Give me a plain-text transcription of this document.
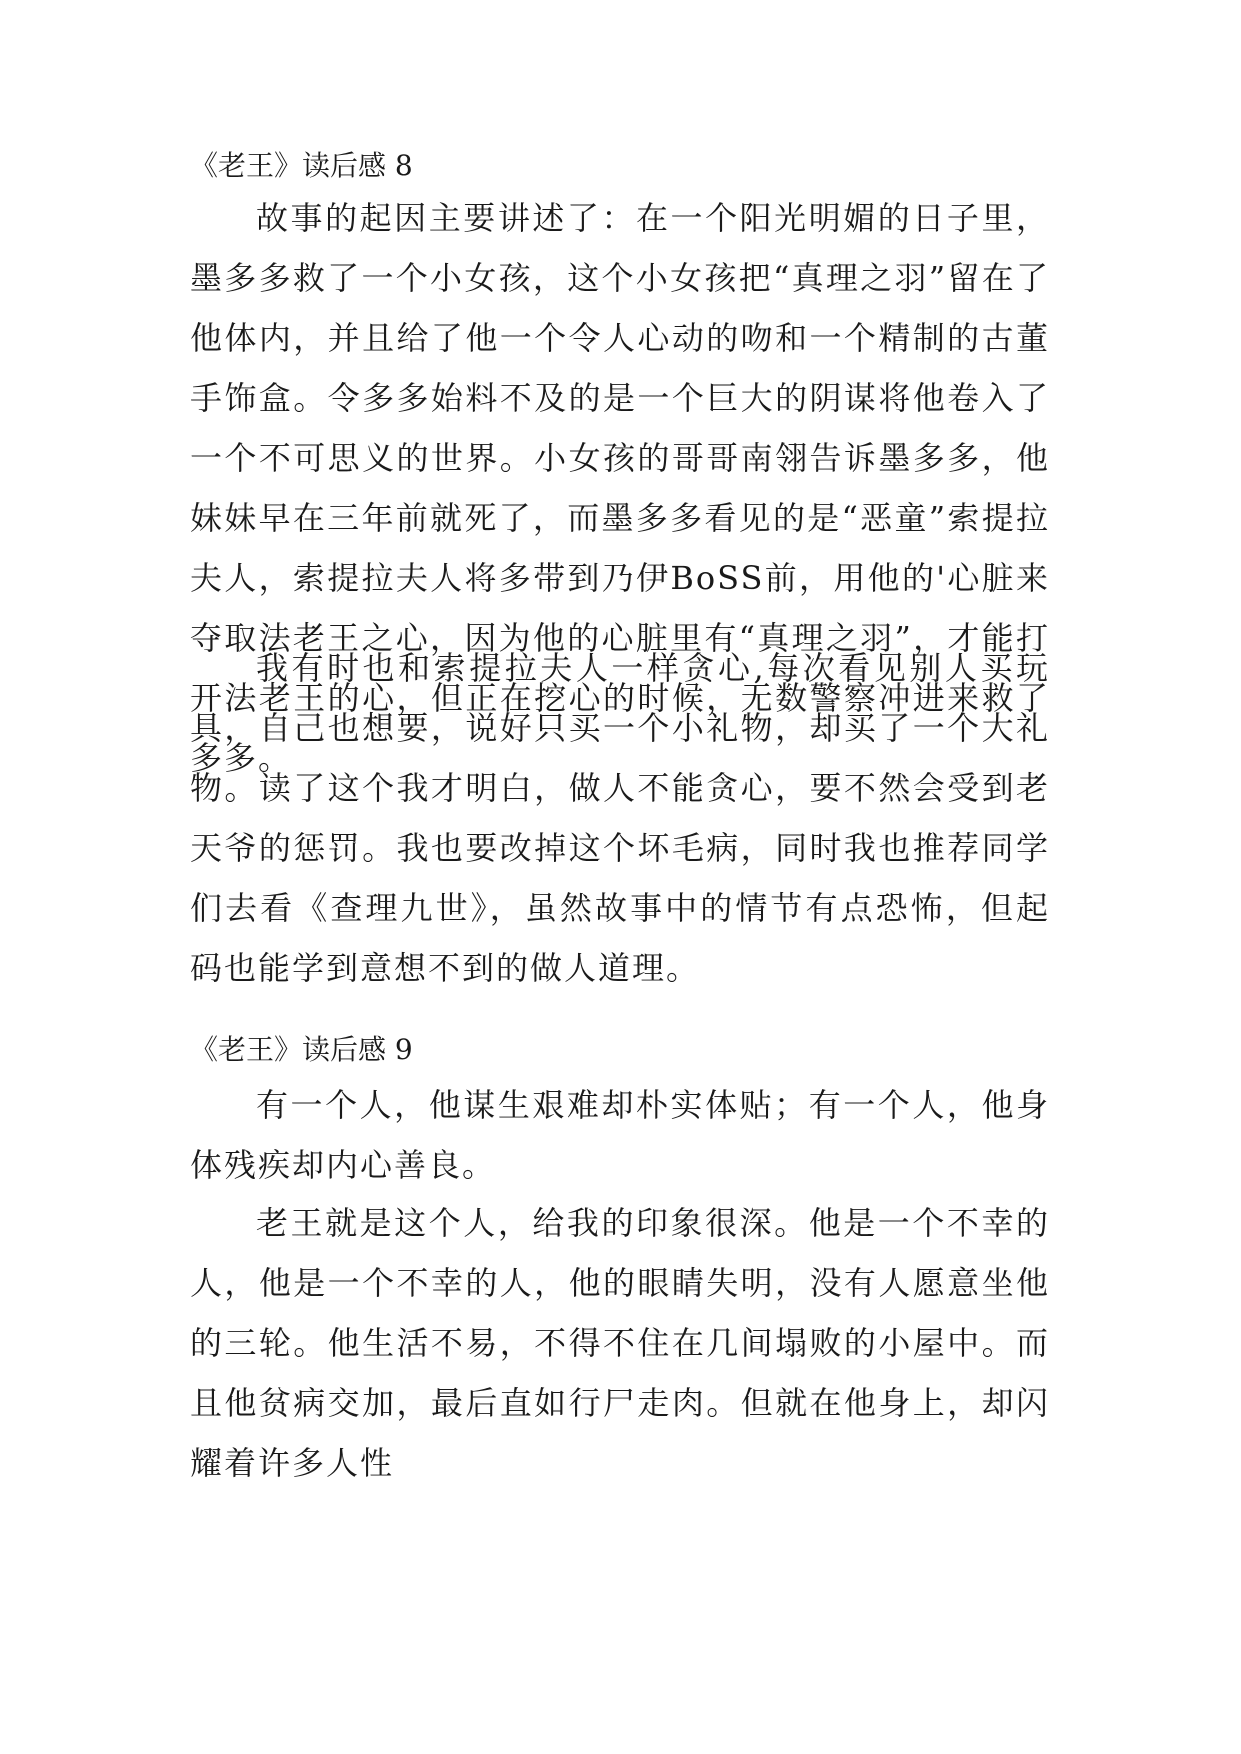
《老王》读后感 8
故事的起因主要讲述了：在一个阳光明媚的日子里，墨多多救了一个小女孩，这个小女孩把“真理之羽”留在了他体内，并且给了他一个令人心动的吻和一个精制的古董手饰盒。令多多始料不及的是一个巨大的阴谋将他卷入了一个不可思义的世界。小女孩的哥哥南翎告诉墨多多，他妹妹早在三年前就死了，而墨多多看见的是“恶童”索提拉夫人，索提拉夫人将多带到乃伊BoSS前，用他的'心脏来夺取法老王之心，因为他的心脏里有“真理之羽”，才能打开法老王的心，但正在挖心的时候，无数警察冲进来救了多多。
我有时也和索提拉夫人一样贪心,每次看见别人买玩具，自己也想要，说好只买一个小礼物，却买了一个大礼物。读了这个我才明白，做人不能贪心，要不然会受到老天爷的惩罚。我也要改掉这个坏毛病，同时我也推荐同学们去看《查理九世》，虽然故事中的情节有点恐怖，但起码也能学到意想不到的做人道理。
《老王》读后感 9
有一个人，他谋生艰难却朴实体贴；有一个人，他身体残疾却内心善良。
老王就是这个人，给我的印象很深。他是一个不幸的人，他是一个不幸的人，他的眼睛失明，没有人愿意坐他的三轮。他生活不易，不得不住在几间塌败的小屋中。而且他贫病交加，最后直如行尸走肉。但就在他身上，却闪耀着许多人性
